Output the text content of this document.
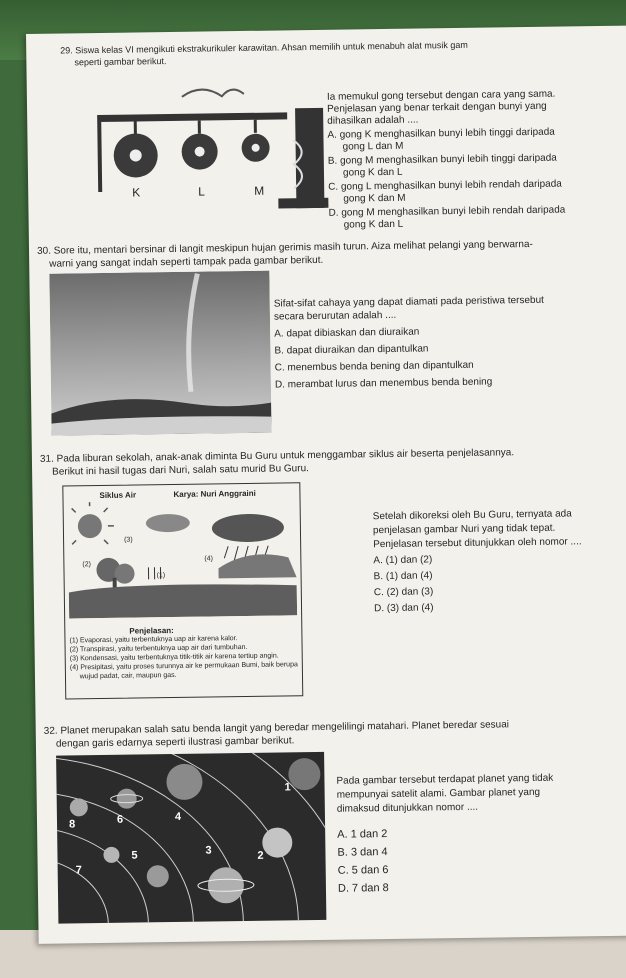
29. Siswa kelas VI mengikuti ekstrakurikuler karawitan. Ahsan memilih untuk menabuh alat musik gam
seperti gambar berikut.
K	L	M
Ia memukul gong tersebut dengan cara yang sama.
Penjelasan yang benar terkait dengan bunyi yang
dihasilkan adalah ....
A. gong K menghasilkan bunyi lebih tinggi daripada
gong L dan M
B. gong M menghasilkan bunyi lebih tinggi daripada
gong K dan L
C. gong L menghasilkan bunyi lebih rendah daripada
gong K dan M
D. gong M menghasilkan bunyi lebih rendah daripada
gong K dan L
30. Sore itu, mentari bersinar di langit meskipun hujan gerimis masih turun. Aiza melihat pelangi yang berwarna-
warni yang sangat indah seperti tampak pada gambar berikut.
Sifat-sifat cahaya yang dapat diamati pada peristiwa tersebut
secara berurutan adalah ....
A. dapat dibiaskan dan diuraikan
B. dapat diuraikan dan dipantulkan
C. menembus benda bening dan dipantulkan
D. merambat lurus dan menembus benda bening
31. Pada liburan sekolah, anak-anak diminta Bu Guru untuk menggambar siklus air beserta penjelasannya.
Berikut ini hasil tugas dari Nuri, salah satu murid Bu Guru.
Siklus Air	Karya: Nuri Anggraini
(3)
(2)
(4)
(1)
Penjelasan:
(1) Evaporasi, yaitu terbentuknya uap air karena kalor.
(2) Transpirasi, yaitu terbentuknya uap air dari tumbuhan.
(3) Kondensasi, yaitu terbentuknya titik-titik air karena tertiup angin.
(4) Presipitasi, yaitu proses turunnya air ke permukaan Bumi, baik berupa
wujud padat, cair, maupun gas.
Setelah dikoreksi oleh Bu Guru, ternyata ada
penjelasan gambar Nuri yang tidak tepat.
Penjelasan tersebut ditunjukkan oleh nomor ....
A. (1) dan (2)
B. (1) dan (4)
C. (2) dan (3)
D. (3) dan (4)
32. Planet merupakan salah satu benda langit yang beredar mengelilingi matahari. Planet beredar sesuai
dengan garis edarnya seperti ilustrasi gambar berikut.
1
2
3
4
5
6
7
8
Pada gambar tersebut terdapat planet yang tidak
mempunyai satelit alami. Gambar planet yang
dimaksud ditunjukkan nomor ....
A. 1 dan 2
B. 3 dan 4
C. 5 dan 6
D. 7 dan 8
